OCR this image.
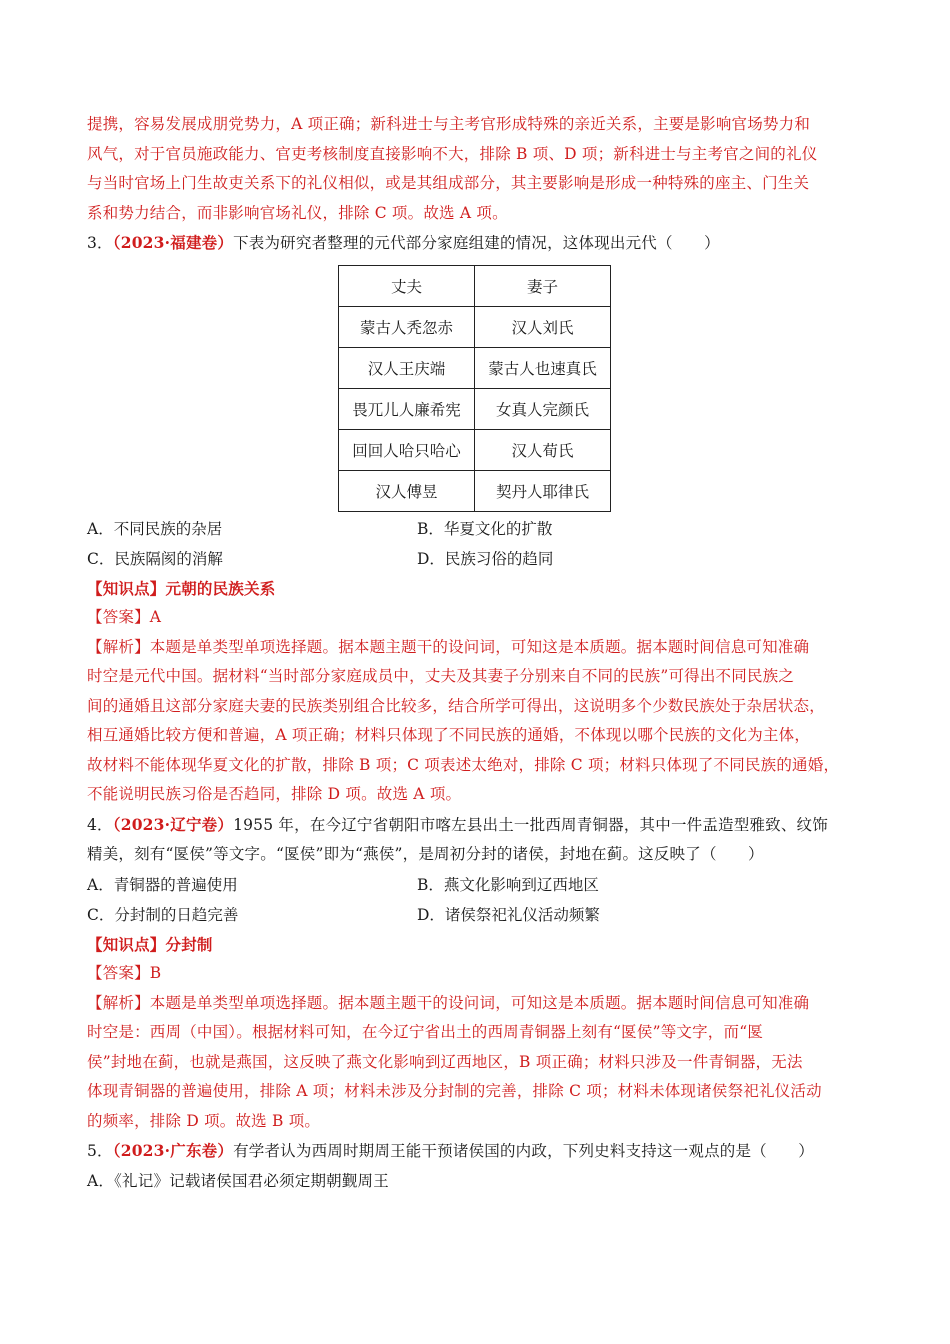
提携，容易发展成朋党势力，A 项正确；新科进士与主考官形成特殊的亲近关系，主要是影响官场势力和
风气，对于官员施政能力、官吏考核制度直接影响不大，排除 B 项、D 项；新科进士与主考官之间的礼仪
与当时官场上门生故吏关系下的礼仪相似，或是其组成部分，其主要影响是形成一种特殊的座主、门生关
系和势力结合，而非影响官场礼仪，排除 C 项。故选 A 项。
3．（2023·福建卷）下表为研究者整理的元代部分家庭组建的情况，这体现出元代（　　）
丈夫	妻子
蒙古人秃忽赤	汉人刘氏
汉人王庆端	蒙古人也速真氏
畏兀儿人廉希宪	女真人完颜氏
回回人哈只哈心	汉人荀氏
汉人傅昱	契丹人耶律氏
A．不同民族的杂居	B．华夏文化的扩散
C．民族隔阂的消解	D．民族习俗的趋同
【知识点】元朝的民族关系
【答案】A
【解析】本题是单类型单项选择题。据本题主题干的设问词，可知这是本质题。据本题时间信息可知准确
时空是元代中国。据材料“当时部分家庭成员中，丈夫及其妻子分别来自不同的民族”可得出不同民族之
间的通婚且这部分家庭夫妻的民族类别组合比较多，结合所学可得出，这说明多个少数民族处于杂居状态，
相互通婚比较方便和普遍，A 项正确；材料只体现了不同民族的通婚，不体现以哪个民族的文化为主体，
故材料不能体现华夏文化的扩散，排除 B 项；C 项表述太绝对，排除 C 项；材料只体现了不同民族的通婚，
不能说明民族习俗是否趋同，排除 D 项。故选 A 项。
4．（2023·辽宁卷）1955 年，在今辽宁省朝阳市喀左县出土一批西周青铜器，其中一件盂造型雅致、纹饰
精美，刻有“匽侯”等文字。“匽侯”即为“燕侯”，是周初分封的诸侯，封地在蓟。这反映了（　　）
A．青铜器的普遍使用	B．燕文化影响到辽西地区
C．分封制的日趋完善	D．诸侯祭祀礼仪活动频繁
【知识点】分封制
【答案】B
【解析】本题是单类型单项选择题。据本题主题干的设问词，可知这是本质题。据本题时间信息可知准确
时空是：西周（中国）。根据材料可知，在今辽宁省出土的西周青铜器上刻有“匽侯”等文字，而“匽
侯”封地在蓟，也就是燕国，这反映了燕文化影响到辽西地区，B 项正确；材料只涉及一件青铜器，无法
体现青铜器的普遍使用，排除 A 项；材料未涉及分封制的完善，排除 C 项；材料未体现诸侯祭祀礼仪活动
的频率，排除 D 项。故选 B 项。
5．（2023·广东卷）有学者认为西周时期周王能干预诸侯国的内政，下列史料支持这一观点的是（　　）
A．《礼记》记载诸侯国君必须定期朝觐周王
